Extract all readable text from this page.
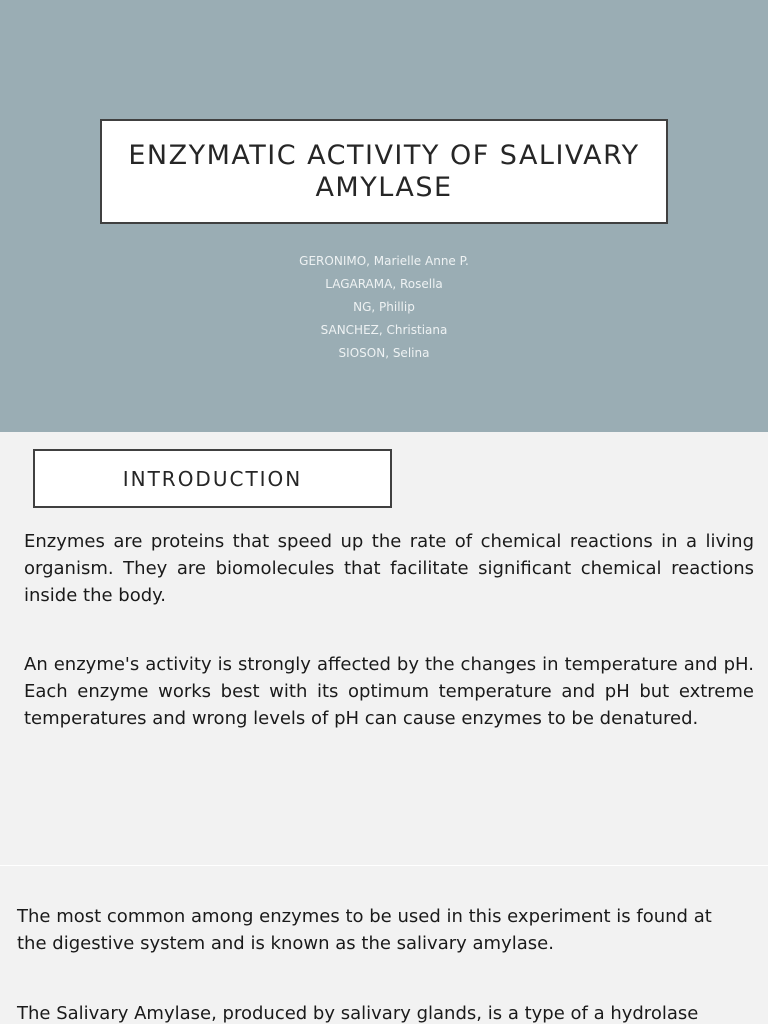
ENZYMATIC ACTIVITY OF SALIVARY AMYLASE
GERONIMO, Marielle Anne P.
LAGARAMA, Rosella
NG, Phillip
SANCHEZ, Christiana
SIOSON, Selina
INTRODUCTION

Enzymes are proteins that speed up the rate of chemical reactions in a living organism. They are biomolecules that facilitate significant chemical reactions inside the body.

An enzyme's activity is strongly affected by the changes in temperature and pH. Each enzyme works best with its optimum temperature and pH but extreme temperatures and wrong levels of pH can cause enzymes to be denatured.

The most common among enzymes to be used in this experiment is found at the digestive system and is known as the salivary amylase.

The Salivary Amylase, produced by salivary glands, is a type of a hydrolase
